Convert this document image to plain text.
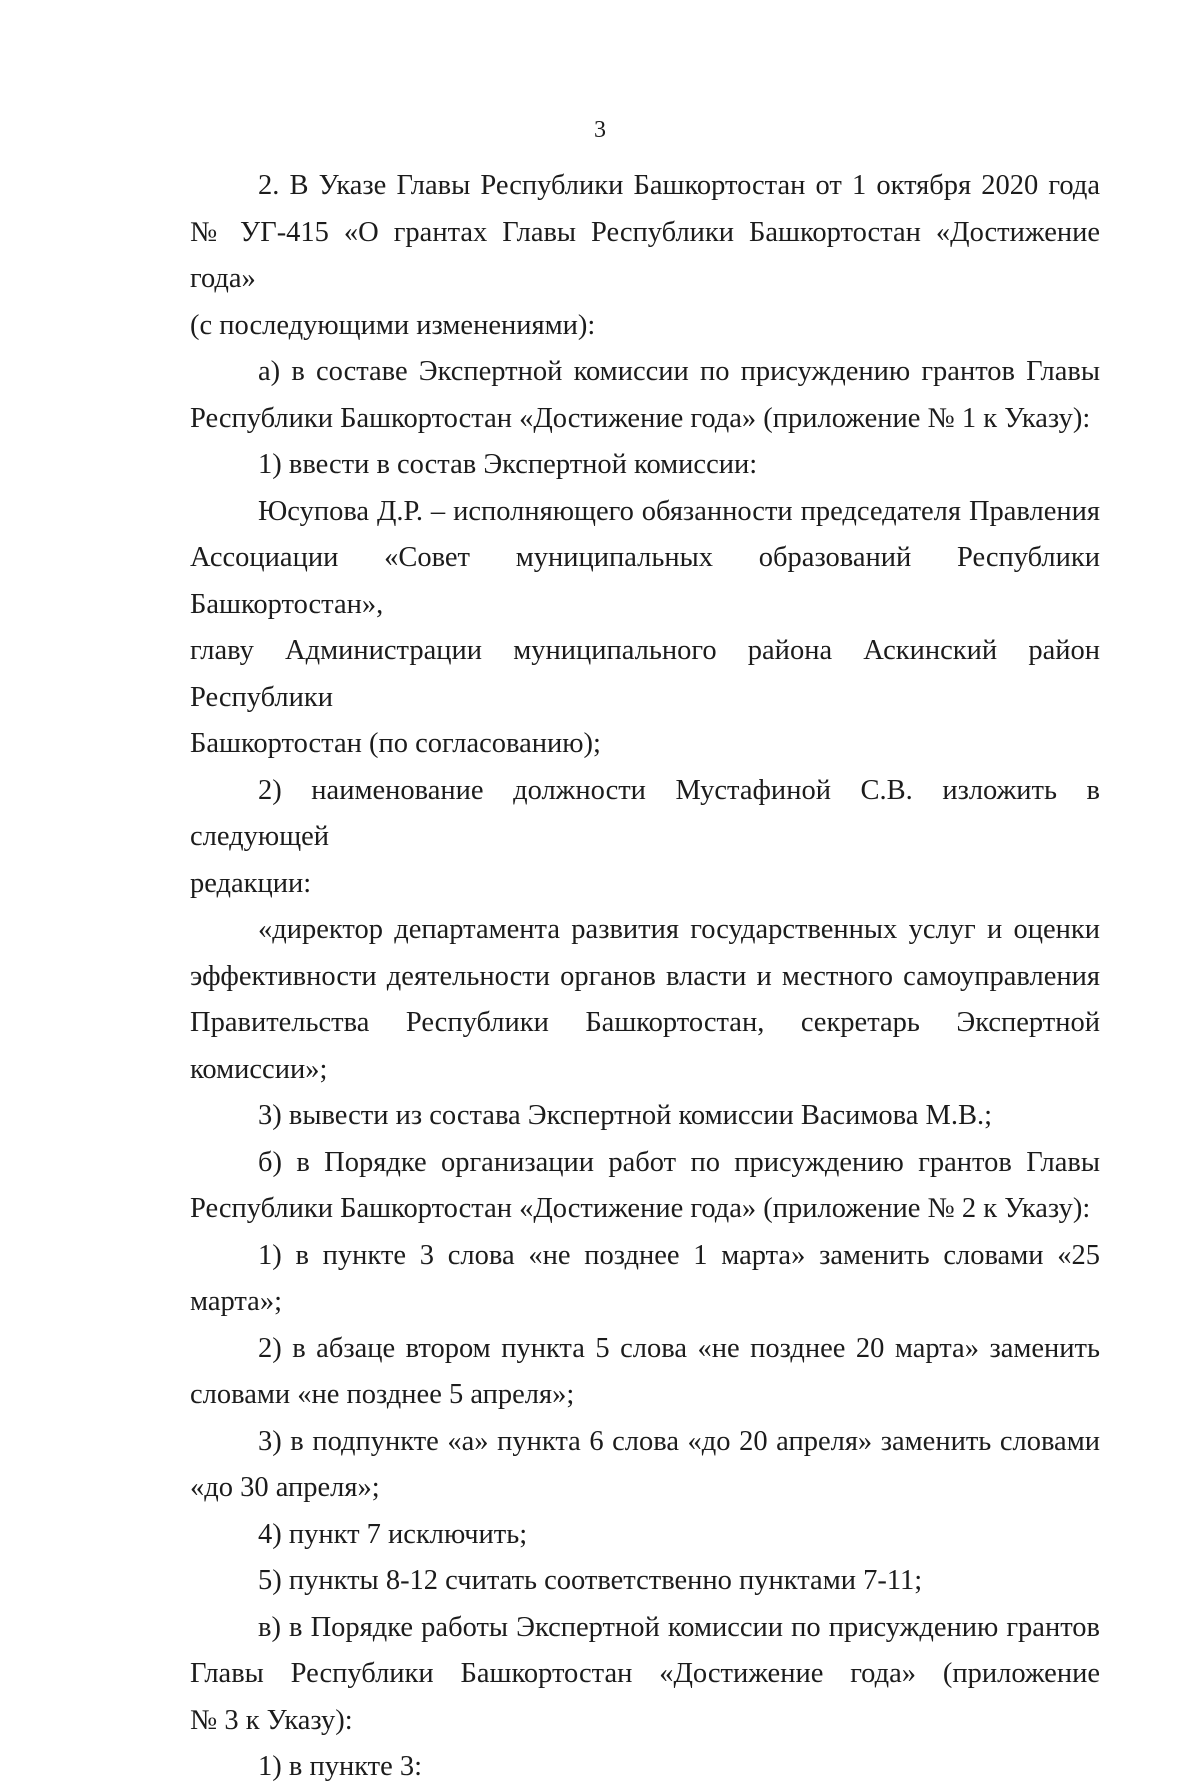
3

2. В Указе Главы Республики Башкортостан от 1 октября 2020 года

№ УГ-415 «О грантах Главы Республики Башкортостан «Достижение года»

(с последующими изменениями):

а) в составе Экспертной комиссии по присуждению грантов Главы

Республики Башкортостан «Достижение года» (приложение № 1 к Указу):

1) ввести в состав Экспертной комиссии:

Юсупова Д.Р. – исполняющего обязанности председателя Правления

Ассоциации «Совет муниципальных образований Республики Башкортостан»,

главу Администрации муниципального района Аскинский район Республики

Башкортостан (по согласованию);

2) наименование должности Мустафиной С.В. изложить в следующей

редакции:

«директор департамента развития государственных услуг и оценки

эффективности деятельности органов власти и местного самоуправления

Правительства Республики Башкортостан, секретарь Экспертной комиссии»;

3) вывести из состава Экспертной комиссии Васимова М.В.;

б) в Порядке организации работ по присуждению грантов Главы

Республики Башкортостан «Достижение года» (приложение № 2 к Указу):

1) в пункте 3 слова «не позднее 1 марта» заменить словами «25 марта»;

2) в абзаце втором пункта 5 слова «не позднее 20 марта» заменить

словами «не позднее 5 апреля»;

3) в подпункте «а» пункта 6 слова «до 20 апреля» заменить словами

«до 30 апреля»;

4) пункт 7 исключить;

5) пункты 8-12 считать соответственно пунктами 7-11;

в) в Порядке работы Экспертной комиссии по присуждению грантов

Главы Республики Башкортостан «Достижение года» (приложение

№ 3 к Указу):

1) в пункте 3:
